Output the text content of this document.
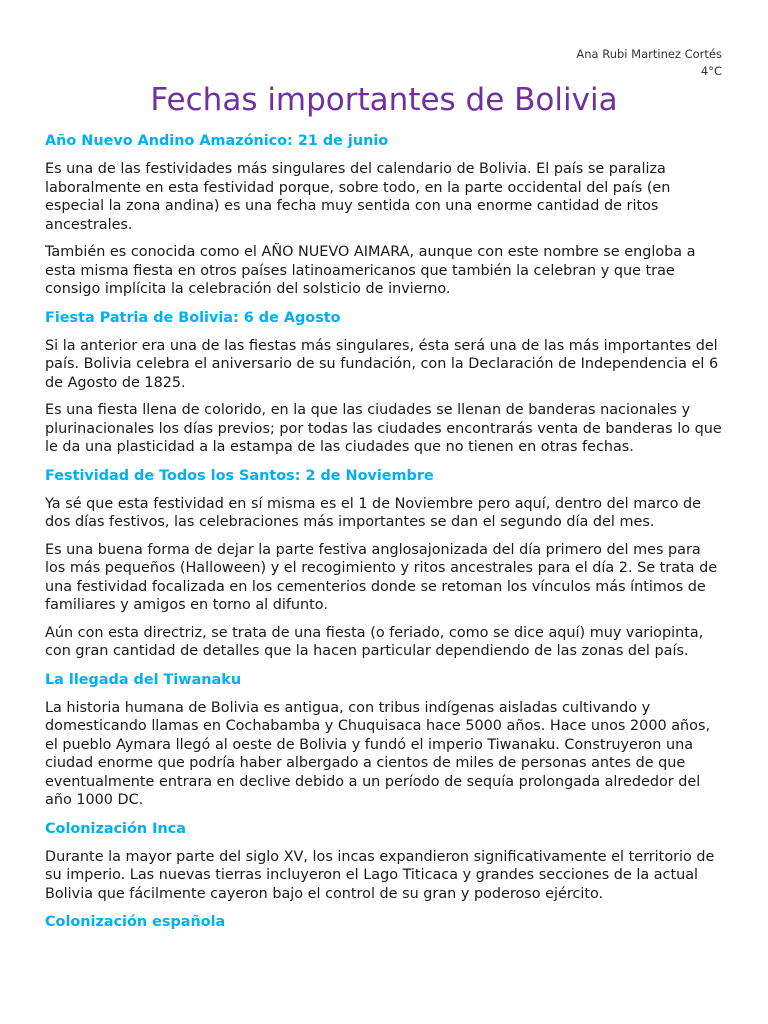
Ana Rubi Martinez Cortés
4°C
Fechas importantes de Bolivia
Año Nuevo Andino Amazónico: 21 de junio

Es una de las festividades más singulares del calendario de Bolivia. El país se paraliza laboralmente en esta festividad porque, sobre todo, en la parte occidental del país (en especial la zona andina) es una fecha muy sentida con una enorme cantidad de ritos ancestrales.

También es conocida como el AÑO NUEVO AIMARA, aunque con este nombre se engloba a esta misma fiesta en otros países latinoamericanos que también la celebran y que trae consigo implícita la celebración del solsticio de invierno.

Fiesta Patria de Bolivia: 6 de Agosto

Si la anterior era una de las fiestas más singulares, ésta será una de las más importantes del país. Bolivia celebra el aniversario de su fundación, con la Declaración de Independencia el 6 de Agosto de 1825.

Es una fiesta llena de colorido, en la que las ciudades se llenan de banderas nacionales y plurinacionales los días previos; por todas las ciudades encontrarás venta de banderas lo que le da una plasticidad a la estampa de las ciudades que no tienen en otras fechas.

Festividad de Todos los Santos: 2 de Noviembre

Ya sé que esta festividad en sí misma es el 1 de Noviembre pero aquí, dentro del marco de dos días festivos, las celebraciones más importantes se dan el segundo día del mes.

Es una buena forma de dejar la parte festiva anglosajonizada del día primero del mes para los más pequeños (Halloween) y el recogimiento y ritos ancestrales para el día 2. Se trata de una festividad focalizada en los cementerios donde se retoman los vínculos más íntimos de familiares y amigos en torno al difunto.

Aún con esta directriz, se trata de una fiesta (o feriado, como se dice aquí) muy variopinta, con gran cantidad de detalles que la hacen particular dependiendo de las zonas del país.

La llegada del Tiwanaku

La historia humana de Bolivia es antigua, con tribus indígenas aisladas cultivando y domesticando llamas en Cochabamba y Chuquisaca hace 5000 años. Hace unos 2000 años, el pueblo Aymara llegó al oeste de Bolivia y fundó el imperio Tiwanaku. Construyeron una ciudad enorme que podría haber albergado a cientos de miles de personas antes de que eventualmente entrara en declive debido a un período de sequía prolongada alrededor del año 1000 DC.

Colonización Inca

Durante la mayor parte del siglo XV, los incas expandieron significativamente el territorio de su imperio. Las nuevas tierras incluyeron el Lago Titicaca y grandes secciones de la actual Bolivia que fácilmente cayeron bajo el control de su gran y poderoso ejército.

Colonización española
